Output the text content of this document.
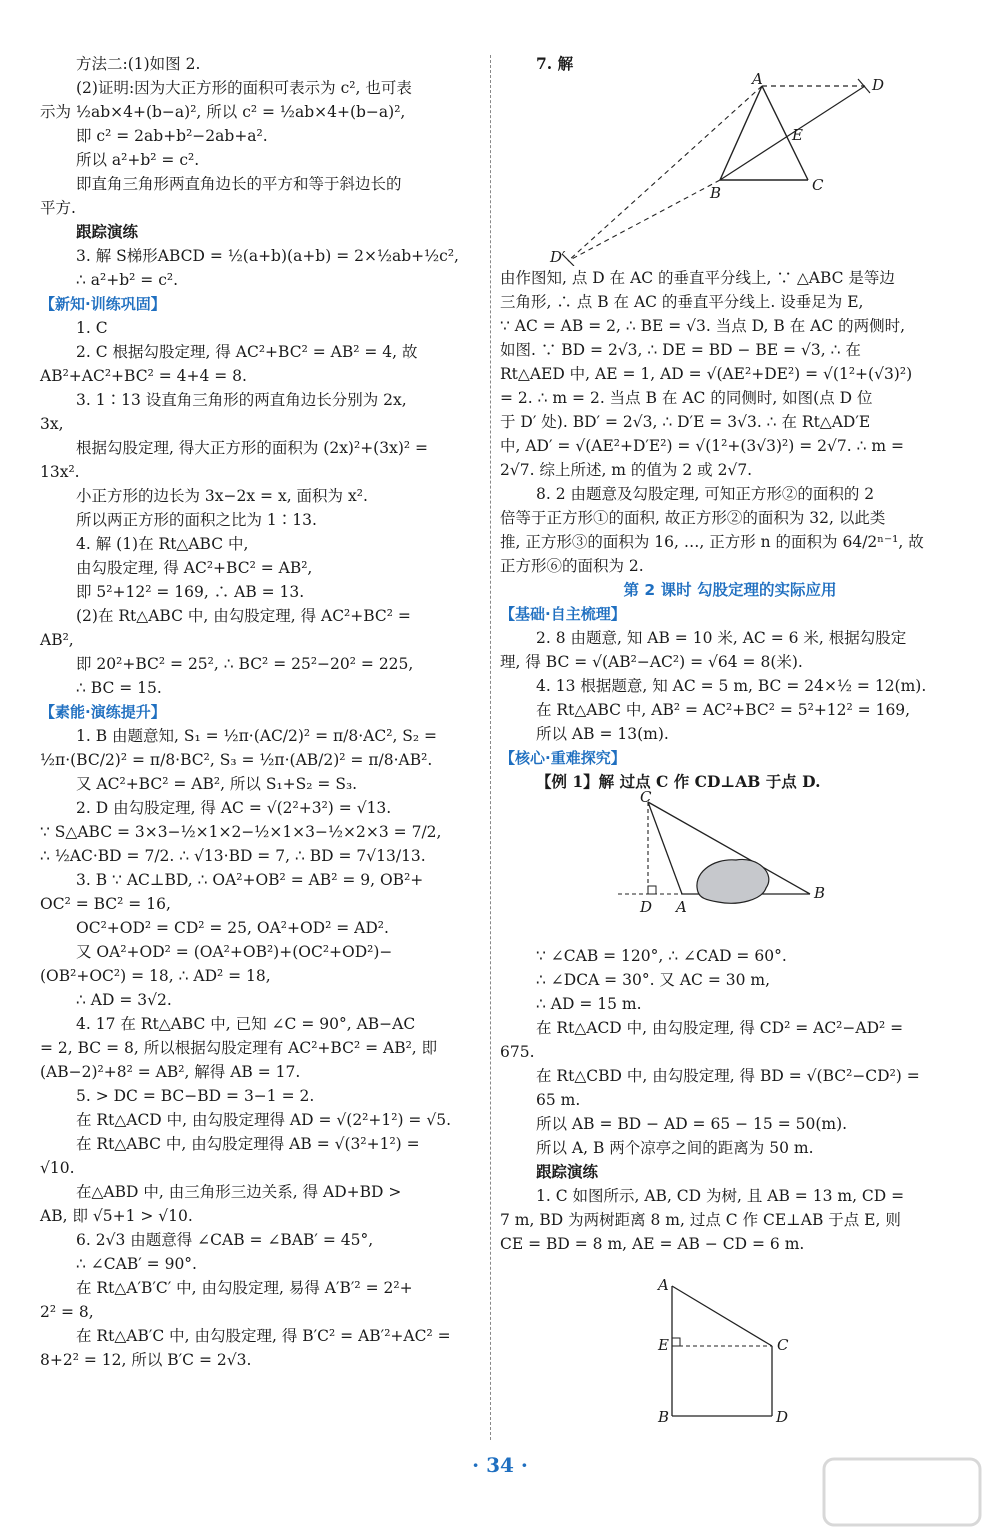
方法二:(1)如图 2.
(2)证明:因为大正方形的面积可表示为 c², 也可表
示为 ½ab×4+(b−a)², 所以 c² = ½ab×4+(b−a)²,
即 c² = 2ab+b²−2ab+a².
所以 a²+b² = c².
即直角三角形两直角边长的平方和等于斜边长的
平方.
跟踪演练
3. 解 S梯形ABCD = ½(a+b)(a+b) = 2×½ab+½c²,
∴ a²+b² = c².
【新知·训练巩固】
1. C
2. C 根据勾股定理, 得 AC²+BC² = AB² = 4, 故
AB²+AC²+BC² = 4+4 = 8.
3. 1∶13 设直角三角形的两直角边长分别为 2x,
3x,
根据勾股定理, 得大正方形的面积为 (2x)²+(3x)² =
13x².
小正方形的边长为 3x−2x = x, 面积为 x².
所以两正方形的面积之比为 1∶13.
4. 解 (1)在 Rt△ABC 中,
由勾股定理, 得 AC²+BC² = AB²,
即 5²+12² = 169, ∴ AB = 13.
(2)在 Rt△ABC 中, 由勾股定理, 得 AC²+BC² =
AB²,
即 20²+BC² = 25², ∴ BC² = 25²−20² = 225,
∴ BC = 15.
【素能·演练提升】
1. B 由题意知, S₁ = ½π·(AC/2)² = π/8·AC², S₂ =
½π·(BC/2)² = π/8·BC², S₃ = ½π·(AB/2)² = π/8·AB².
又 AC²+BC² = AB², 所以 S₁+S₂ = S₃.
2. D 由勾股定理, 得 AC = √(2²+3²) = √13.
∵ S△ABC = 3×3−½×1×2−½×1×3−½×2×3 = 7/2,
∴ ½AC·BD = 7/2. ∴ √13·BD = 7, ∴ BD = 7√13/13.
3. B ∵ AC⊥BD, ∴ OA²+OB² = AB² = 9, OB²+
OC² = BC² = 16,
OC²+OD² = CD² = 25, OA²+OD² = AD².
又 OA²+OD² = (OA²+OB²)+(OC²+OD²)−
(OB²+OC²) = 18, ∴ AD² = 18,
∴ AD = 3√2.
4. 17 在 Rt△ABC 中, 已知 ∠C = 90°, AB−AC
= 2, BC = 8, 所以根据勾股定理有 AC²+BC² = AB², 即
(AB−2)²+8² = AB², 解得 AB = 17.
5. > DC = BC−BD = 3−1 = 2.
在 Rt△ACD 中, 由勾股定理得 AD = √(2²+1²) = √5.
在 Rt△ABC 中, 由勾股定理得 AB = √(3²+1²) =
√10.
在△ABD 中, 由三角形三边关系, 得 AD+BD >
AB, 即 √5+1 > √10.
6. 2√3 由题意得 ∠CAB = ∠BAB′ = 45°,
∴ ∠CAB′ = 90°.
在 Rt△A′B′C′ 中, 由勾股定理, 易得 A′B′² = 2²+
2² = 8,
在 Rt△AB′C 中, 由勾股定理, 得 B′C² = AB′²+AC² =
8+2² = 12, 所以 B′C = 2√3.
7. 解
A	D
E
B	C
D′
由作图知, 点 D 在 AC 的垂直平分线上, ∵ △ABC 是等边
三角形, ∴ 点 B 在 AC 的垂直平分线上. 设垂足为 E,
∵ AC = AB = 2, ∴ BE = √3. 当点 D, B 在 AC 的两侧时,
如图. ∵ BD = 2√3, ∴ DE = BD − BE = √3, ∴ 在
Rt△AED 中, AE = 1, AD = √(AE²+DE²) = √(1²+(√3)²)
= 2. ∴ m = 2. 当点 B 在 AC 的同侧时, 如图(点 D 位
于 D′ 处). BD′ = 2√3, ∴ D′E = 3√3. ∴ 在 Rt△AD′E
中, AD′ = √(AE²+D′E²) = √(1²+(3√3)²) = 2√7. ∴ m =
2√7. 综上所述, m 的值为 2 或 2√7.
8. 2 由题意及勾股定理, 可知正方形②的面积的 2
倍等于正方形①的面积, 故正方形②的面积为 32, 以此类
推, 正方形③的面积为 16, …, 正方形 n 的面积为 64/2ⁿ⁻¹, 故
正方形⑥的面积为 2.
第 2 课时 勾股定理的实际应用
【基础·自主梳理】
2. 8 由题意, 知 AB = 10 米, AC = 6 米, 根据勾股定
理, 得 BC = √(AB²−AC²) = √64 = 8(米).
4. 13 根据题意, 知 AC = 5 m, BC = 24×½ = 12(m).
在 Rt△ABC 中, AB² = AC²+BC² = 5²+12² = 169,
所以 AB = 13(m).
【核心·重难探究】
【例 1】解 过点 C 作 CD⊥AB 于点 D.
C
D A
B
∵ ∠CAB = 120°, ∴ ∠CAD = 60°.
∴ ∠DCA = 30°. 又 AC = 30 m,
∴ AD = 15 m.
在 Rt△ACD 中, 由勾股定理, 得 CD² = AC²−AD² =
675.
在 Rt△CBD 中, 由勾股定理, 得 BD = √(BC²−CD²) =
65 m.
所以 AB = BD − AD = 65 − 15 = 50(m).
所以 A, B 两个凉亭之间的距离为 50 m.
跟踪演练
1. C 如图所示, AB, CD 为树, 且 AB = 13 m, CD =
7 m, BD 为两树距离 8 m, 过点 C 作 CE⊥AB 于点 E, 则
CE = BD = 8 m, AE = AB − CD = 6 m.
A
E	C
B	D
· 34 ·
